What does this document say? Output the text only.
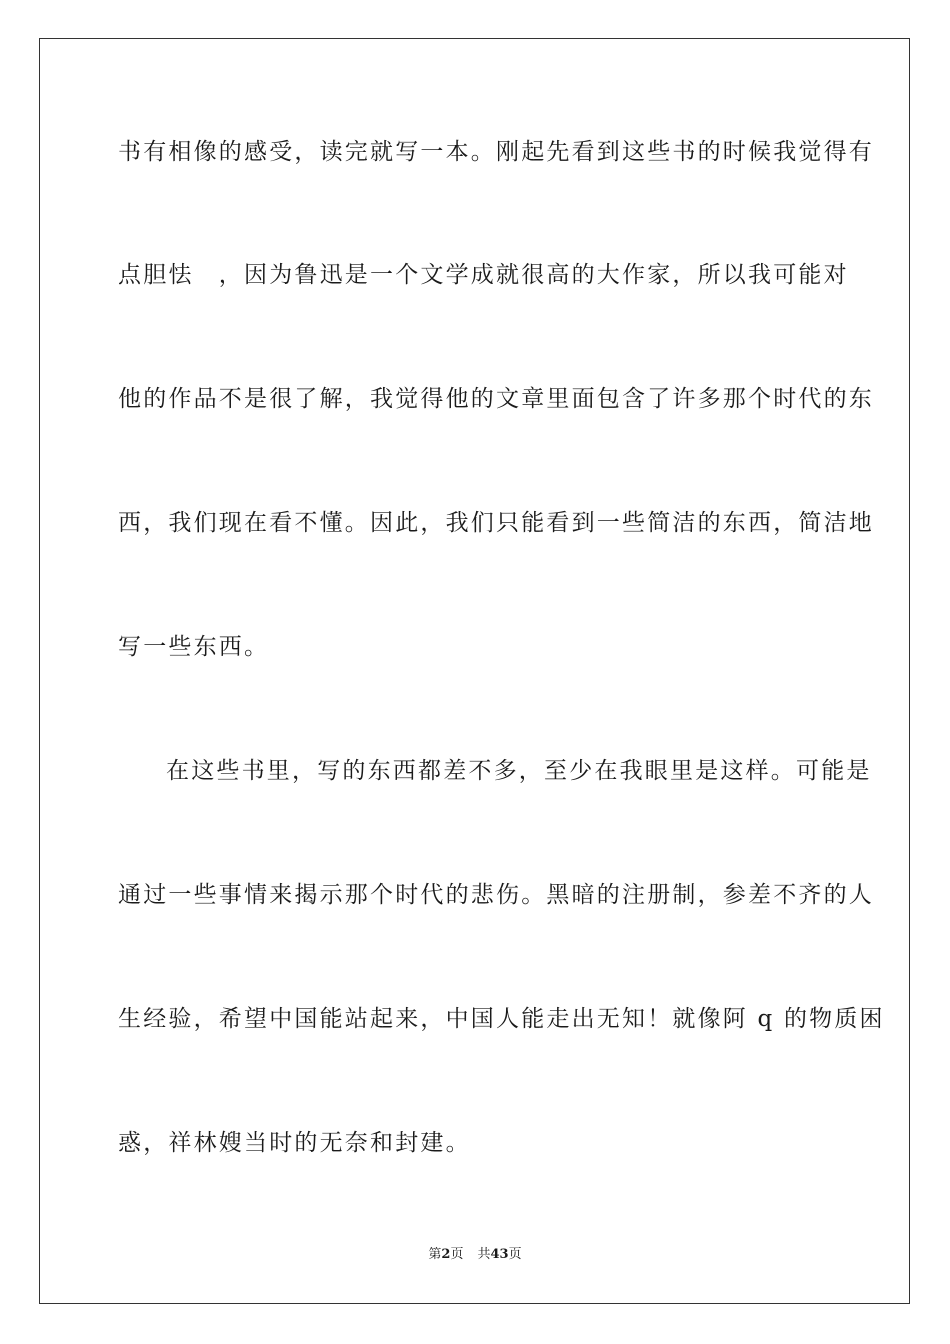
书有相像的感受，读完就写一本。刚起先看到这些书的时候我觉得有
点胆怯　，因为鲁迅是一个文学成就很高的大作家，所以我可能对
他的作品不是很了解，我觉得他的文章里面包含了许多那个时代的东
西，我们现在看不懂。因此，我们只能看到一些简洁的东西，简洁地
写一些东西。
在这些书里，写的东西都差不多，至少在我眼里是这样。可能是
通过一些事情来揭示那个时代的悲伤。黑暗的注册制，参差不齐的人
生经验，希望中国能站起来，中国人能走出无知！就像阿 q 的物质困
惑，祥林嫂当时的无奈和封建。
第2页 共43页
